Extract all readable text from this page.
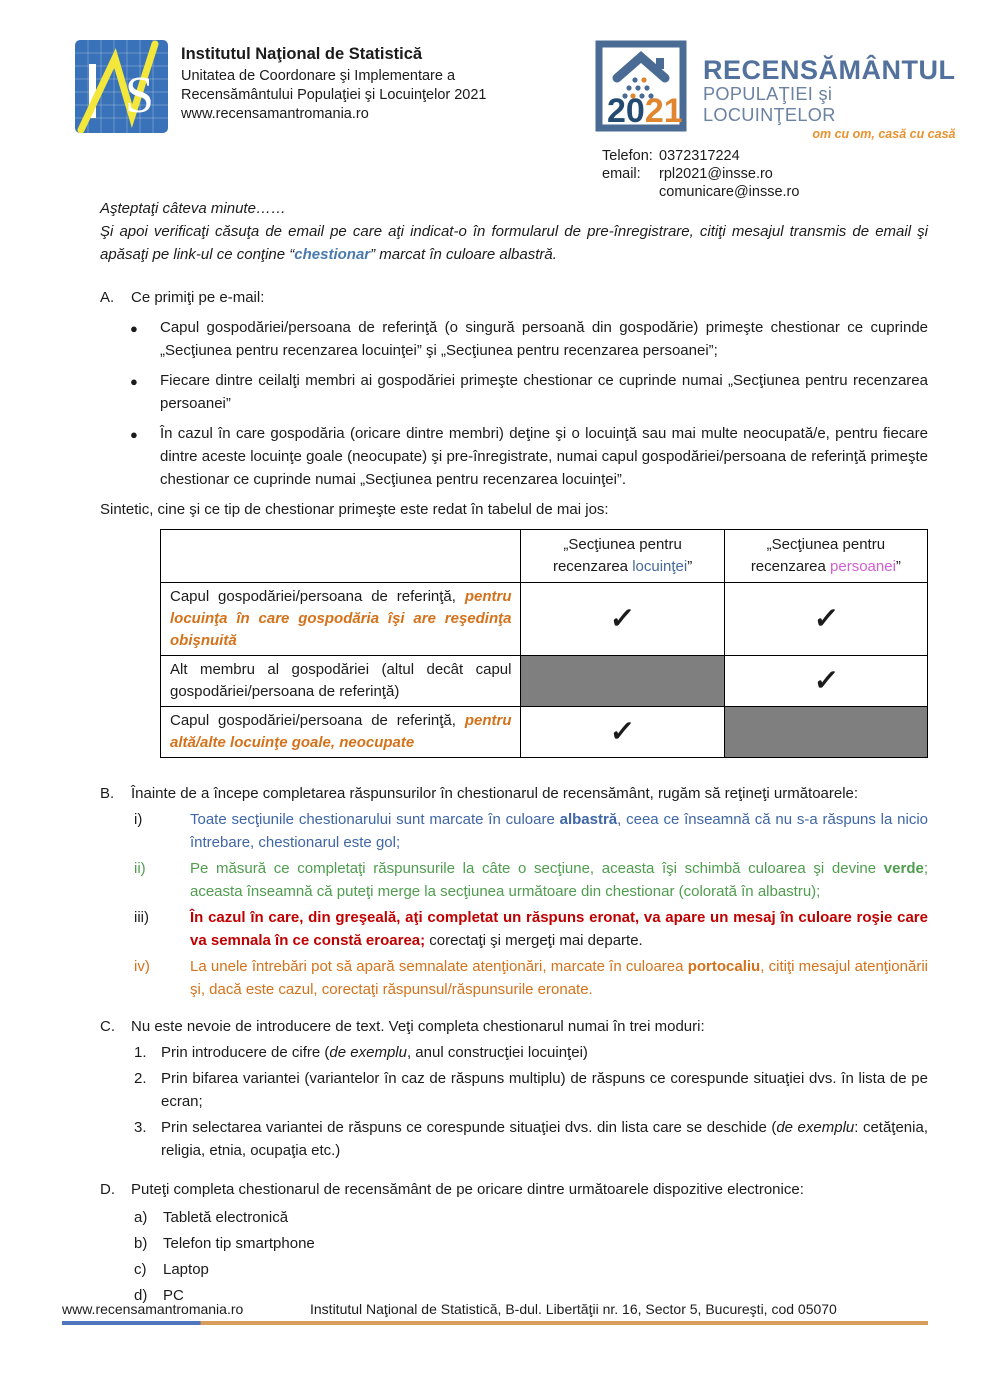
S
Institutul Naţional de Statistică
Unitatea de Coordonare şi Implementare a
Recensământului Populaţiei şi Locuinţelor 2021
www.recensamantromania.ro	2021
RECENSĂMÂNTUL
POPULAŢIEI şi LOCUINŢELOR
om cu om, casă cu casă
Telefon: 0372317224
email:	rpl2021@insse.ro
comunicare@insse.ro
Aşteptaţi câteva minute……
Şi apoi verificaţi căsuţa de email pe care aţi indicat-o în formularul de pre-înregistrare, citiţi mesajul transmis de email şi apăsaţi pe link-ul ce conţine “chestionar” marcat în culoare albastră.
A.	Ce primiţi pe e-mail:
●	Capul gospodăriei/persoana de referinţă (o singură persoană din gospodărie) primeşte chestionar ce cuprinde „Secţiunea pentru recenzarea locuinţei” şi „Secţiunea pentru recenzarea persoanei”;
●	Fiecare dintre ceilalţi membri ai gospodăriei primeşte chestionar ce cuprinde numai „Secţiunea pentru recenzarea persoanei”
●	În cazul în care gospodăria (oricare dintre membri) deţine şi o locuinţă sau mai multe neocupată/e, pentru fiecare dintre aceste locuinţe goale (neocupate) şi pre-înregistrate, numai capul gospodăriei/persoana de referinţă primeşte chestionar ce cuprinde numai „Secţiunea pentru recenzarea locuinţei”.
Sintetic, cine şi ce tip de chestionar primeşte este redat în tabelul de mai jos:
	„Secţiunea pentru recenzarea locuinţei”	„Secţiunea pentru recenzarea persoanei”
Capul gospodăriei/persoana de referinţă, pentru locuinţa în care gospodăria îşi are reşedinţa obişnuită	✓	✓
Alt membru al gospodăriei (altul decât capul gospodăriei/persoana de referinţă)		✓
Capul gospodăriei/persoana de referinţă, pentru altă/alte locuinţe goale, neocupate	✓	
B.	Înainte de a începe completarea răspunsurilor în chestionarul de recensământ, rugăm să reţineţi următoarele:
i)	Toate secţiunile chestionarului sunt marcate în culoare albastră, ceea ce înseamnă că nu s-a răspuns la nicio întrebare, chestionarul este gol;
ii)	Pe măsură ce completaţi răspunsurile la câte o secţiune, aceasta îşi schimbă culoarea şi devine verde; aceasta înseamnă că puteţi merge la secţiunea următoare din chestionar (colorată în albastru);
iii)	În cazul în care, din greşeală, aţi completat un răspuns eronat, va apare un mesaj în culoare roşie care va semnala în ce constă eroarea; corectaţi şi mergeţi mai departe.
iv)	La unele întrebări pot să apară semnalate atenţionări, marcate în culoarea portocaliu, citiţi mesajul atenţionării şi, dacă este cazul, corectaţi răspunsul/răspunsurile eronate.
C.	Nu este nevoie de introducere de text. Veţi completa chestionarul numai în trei moduri:
1. Prin introducere de cifre (de exemplu, anul construcţiei locuinţei)
2. Prin bifarea variantei (variantelor în caz de răspuns multiplu) de răspuns ce corespunde situaţiei dvs. în lista de pe ecran;
3. Prin selectarea variantei de răspuns ce corespunde situaţiei dvs. din lista care se deschide (de exemplu: cetăţenia, religia, etnia, ocupaţia etc.)
D.	Puteţi completa chestionarul de recensământ de pe oricare dintre următoarele dispozitive electronice:
a)	Tabletă electronică
b)	Telefon tip smartphone
c)	Laptop
d)	PC
www.recensamantromania.ro	Institutul Naţional de Statistică, B-dul. Libertăţii nr. 16, Sector 5, Bucureşti, cod 05070
